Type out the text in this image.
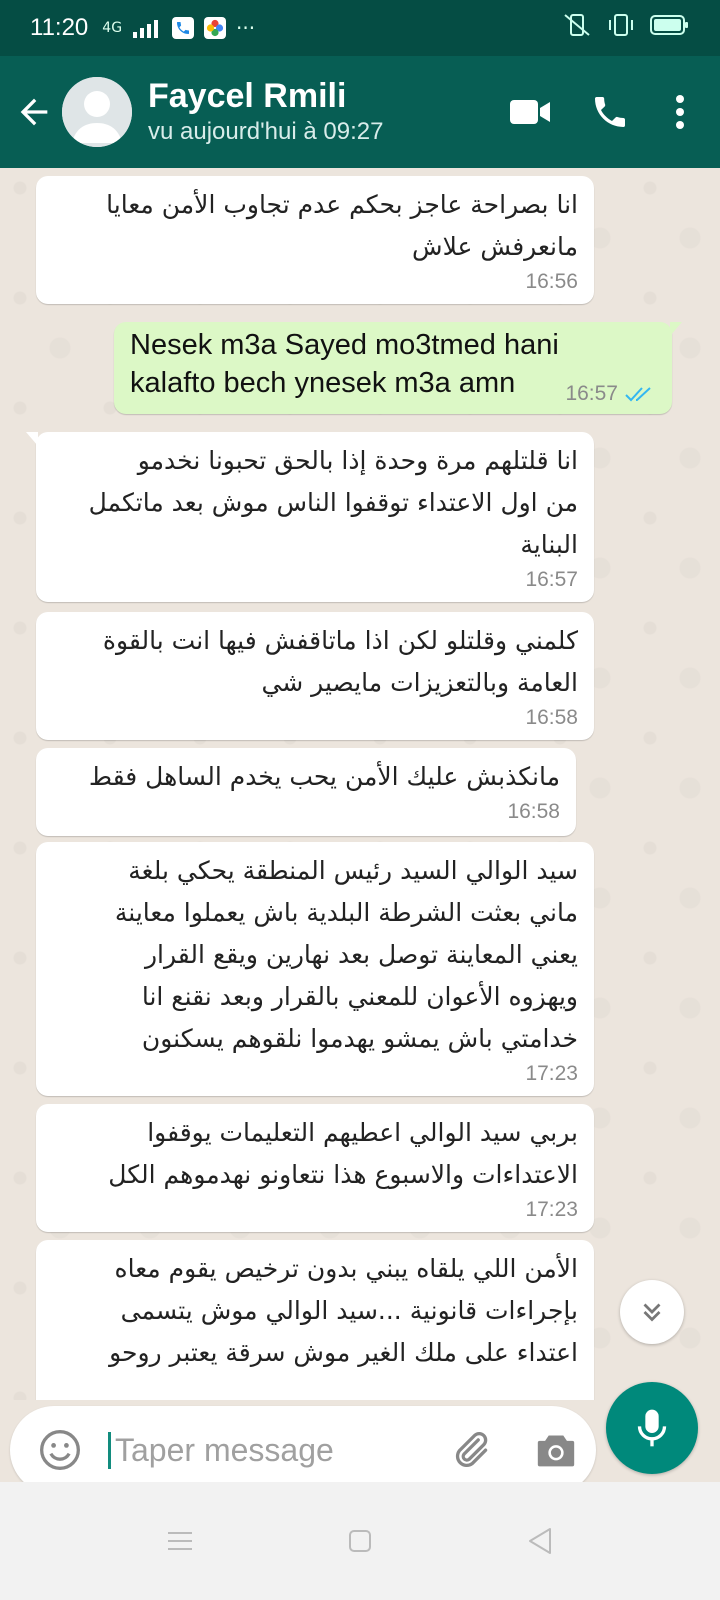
11:20 4G	···
Faycel Rmili
vu aujourd'hui à 09:27
انا بصراحة عاجز بحكم عدم تجاوب الأمن معايا
مانعرفش علاش
16:56
Nesek m3a Sayed mo3tmed hani
kalafto bech ynesek m3a amn	16:57
انا قلتلهم مرة وحدة إذا بالحق تحبونا نخدمو
من اول الاعتداء توقفوا الناس موش بعد ماتكمل
البناية
16:57
كلمني وقلتلو لكن اذا ماتاقفش فيها انت بالقوة
العامة وبالتعزيزات مايصير شي
16:58
مانكذبش عليك الأمن يحب يخدم الساهل فقط
16:58
سيد الوالي السيد رئيس المنطقة يحكي بلغة
ماني بعثت الشرطة البلدية باش يعملوا معاينة
يعني المعاينة توصل بعد نهارين ويقع القرار
ويهزوه الأعوان للمعني بالقرار وبعد نقنع انا
خدامتي باش يمشو يهدموا نلقوهم يسكنون
17:23
بربي سيد الوالي اعطيهم التعليمات يوقفوا
الاعتداءات والاسبوع هذا نتعاونو نهدموهم الكل
17:23
الأمن اللي يلقاه يبني بدون ترخيص يقوم معاه
بإجراءات قانونية ...سيد الوالي موش يتسمى
اعتداء على ملك الغير موش سرقة يعتبر روحو
Taper message
